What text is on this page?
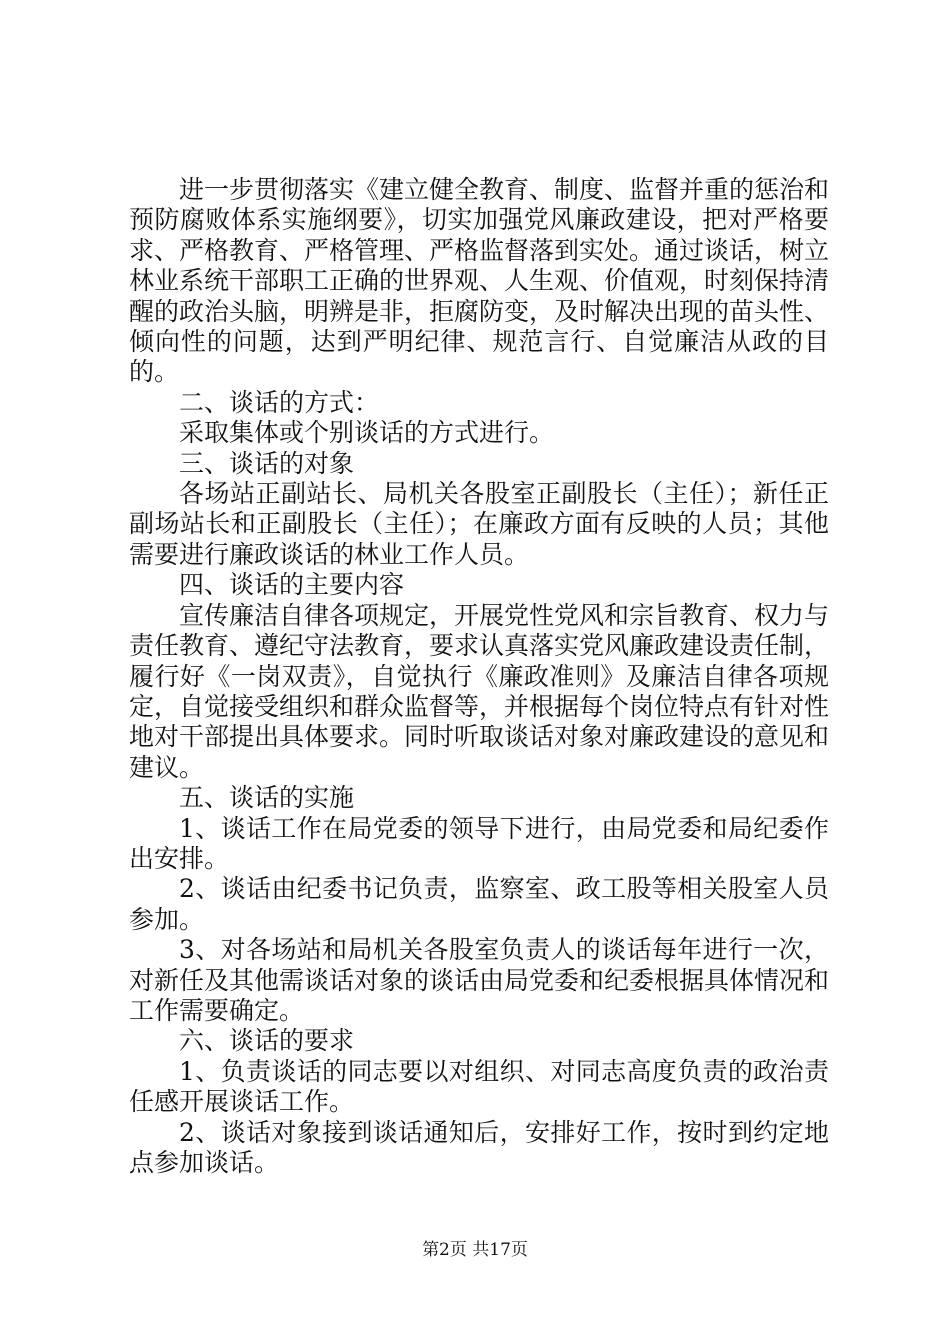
进一步贯彻落实《建立健全教育、制度、监督并重的惩治和预防腐败体系实施纲要》，切实加强党风廉政建设，把对严格要求、严格教育、严格管理、严格监督落到实处。通过谈话，树立林业系统干部职工正确的世界观、人生观、价值观，时刻保持清醒的政治头脑，明辨是非，拒腐防变，及时解决出现的苗头性、倾向性的问题，达到严明纪律、规范言行、自觉廉洁从政的目的。

二、谈话的方式：

采取集体或个别谈话的方式进行。

三、谈话的对象

各场站正副站长、局机关各股室正副股长（主任）；新任正副场站长和正副股长（主任）；在廉政方面有反映的人员；其他需要进行廉政谈话的林业工作人员。

四、谈话的主要内容

宣传廉洁自律各项规定，开展党性党风和宗旨教育、权力与责任教育、遵纪守法教育，要求认真落实党风廉政建设责任制，履行好《一岗双责》，自觉执行《廉政准则》及廉洁自律各项规定，自觉接受组织和群众监督等，并根据每个岗位特点有针对性地对干部提出具体要求。同时听取谈话对象对廉政建设的意见和建议。

五、谈话的实施

1、谈话工作在局党委的领导下进行，由局党委和局纪委作出安排。

2、谈话由纪委书记负责，监察室、政工股等相关股室人员参加。

3、对各场站和局机关各股室负责人的谈话每年进行一次，对新任及其他需谈话对象的谈话由局党委和纪委根据具体情况和工作需要确定。

六、谈话的要求

1、负责谈话的同志要以对组织、对同志高度负责的政治责任感开展谈话工作。

2、谈话对象接到谈话通知后，安排好工作，按时到约定地点参加谈话。

第2页 共17页
